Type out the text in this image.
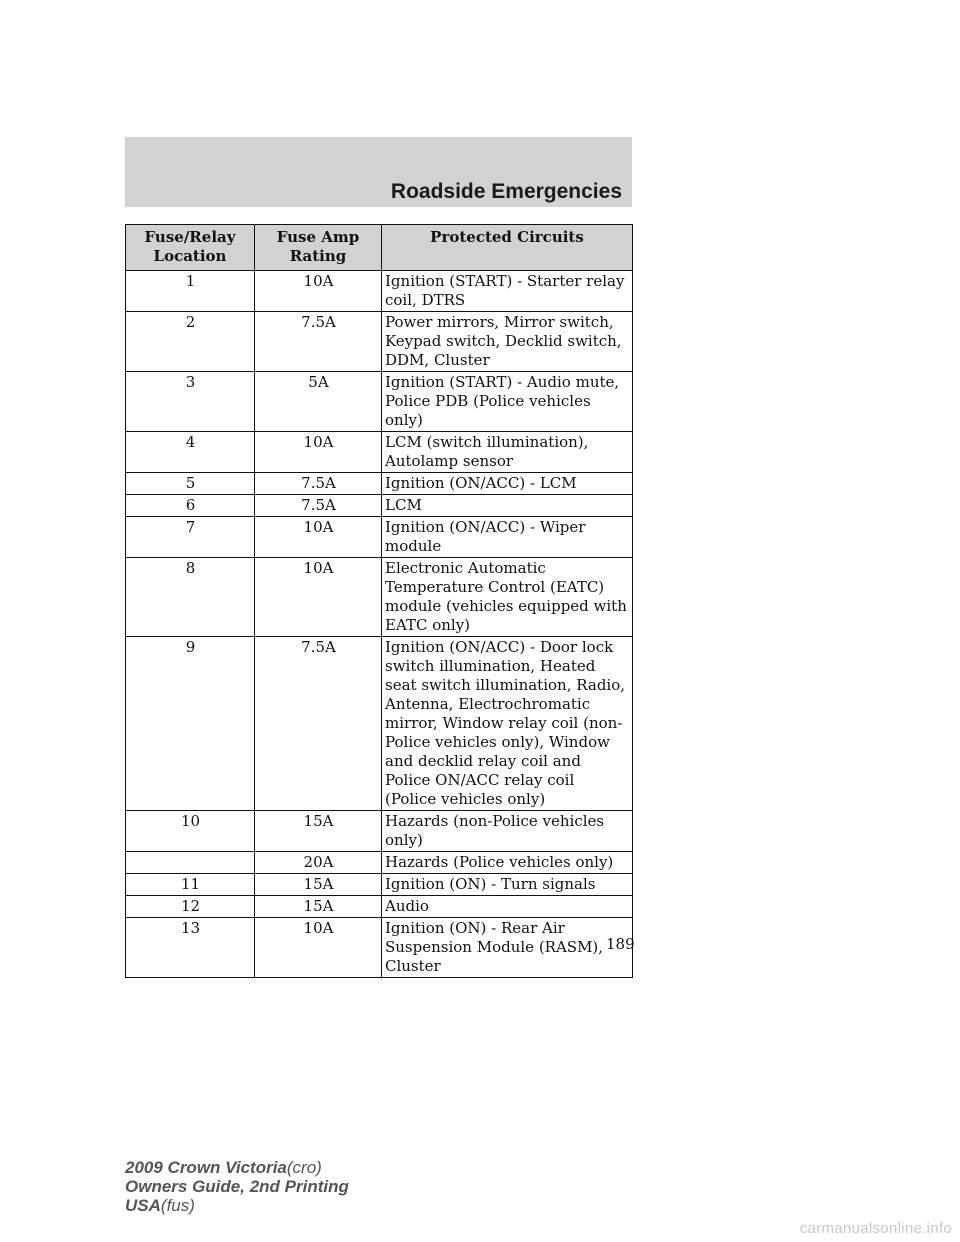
Roadside Emergencies
Fuse/Relay Location	Fuse Amp Rating	Protected Circuits
1	10A	Ignition (START) - Starter relay coil, DTRS
2	7.5A	Power mirrors, Mirror switch, Keypad switch, Decklid switch, DDM, Cluster
3	5A	Ignition (START) - Audio mute, Police PDB (Police vehicles only)
4	10A	LCM (switch illumination), Autolamp sensor
5	7.5A	Ignition (ON/ACC) - LCM
6	7.5A	LCM
7	10A	Ignition (ON/ACC) - Wiper module
8	10A	Electronic Automatic Temperature Control (EATC) module (vehicles equipped with EATC only)
9	7.5A	Ignition (ON/ACC) - Door lock switch illumination, Heated seat switch illumination, Radio, Antenna, Electrochromatic mirror, Window relay coil (non-Police vehicles only), Window and decklid relay coil and Police ON/ACC relay coil (Police vehicles only)
10	15A	Hazards (non-Police vehicles only)
	20A	Hazards (Police vehicles only)
11	15A	Ignition (ON) - Turn signals
12	15A	Audio
13	10A	Ignition (ON) - Rear Air Suspension Module (RASM), Cluster
189
2009 Crown Victoria(cro)
Owners Guide, 2nd Printing
USA(fus)
carmanualsonline.info
